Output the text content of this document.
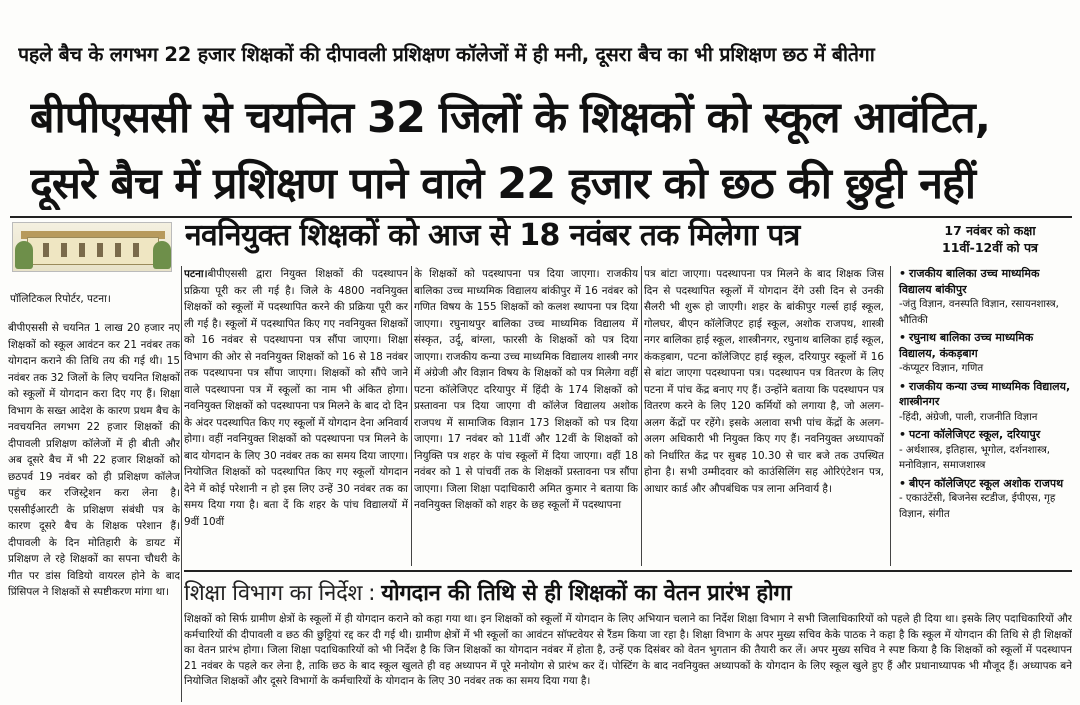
पहले बैच के लगभग 22 हजार शिक्षकों की दीपावली प्रशिक्षण कॉलेजों में ही मनी, दूसरा बैच का भी प्रशिक्षण छठ में बीतेगा
बीपीएससी से चयनित 32 जिलों के शिक्षकों को स्कूल आवंटित,
दूसरे बैच में प्रशिक्षण पाने वाले 22 हजार को छठ की छुट्टी नहीं
नवनियुक्त शिक्षकों को आज से 18 नवंबर तक मिलेगा पत्र	17 नवंबर को कक्षा
11वीं-12वीं को पत्र
पॉलिटिकल रिपोर्टर, पटना।

बीपीएससी से चयनित 1 लाख 20 हजार नए शिक्षकों को स्कूल आवंटन कर 21 नवंबर तक योगदान कराने की तिथि तय की गई थी। 15 नवंबर तक 32 जिलों के लिए चयनित शिक्षकों को स्कूलों में योगदान करा दिए गए हैं। शिक्षा विभाग के सख्त आदेश के कारण प्रथम बैच के नवचयनित लगभग 22 हजार शिक्षकों की दीपावली प्रशिक्षण कॉलेजों में ही बीती और अब दूसरे बैच में भी 22 हजार शिक्षकों को छठपर्व 19 नवंबर को ही प्रशिक्षण कॉलेज पहुंच कर रजिस्ट्रेशन करा लेना है। एससीईआरटी के प्रशिक्षण संबंधी पत्र के कारण दूसरे बैच के शिक्षक परेशान हैं। दीपावली के दिन मोतिहारी के डायट में प्रशिक्षण ले रहे शिक्षकों का सपना चौधरी के गीत पर डांस विडियो वायरल होने के बाद प्रिंसिपल ने शिक्षकों से स्पष्टीकरण मांगा था।

पटना।बीपीएससी द्वारा नियुक्त शिक्षकों की पदस्थापन प्रक्रिया पूरी कर ली गई है। जिले के 4800 नवनियुक्त शिक्षकों को स्कूलों में पदस्थापित करने की प्रक्रिया पूरी कर ली गई है। स्कूलों में पदस्थापित किए गए नवनियुक्त शिक्षकों को 16 नवंबर से पदस्थापना पत्र सौंपा जाएगा। शिक्षा विभाग की ओर से नवनियुक्त शिक्षकों को 16 से 18 नवंबर तक पदस्थापना पत्र सौंपा जाएगा। शिक्षकों को सौंपे जाने वाले पदस्थापना पत्र में स्कूलों का नाम भी अंकित होगा। नवनियुक्त शिक्षकों को पदस्थापना पत्र मिलने के बाद दो दिन के अंदर पदस्थापित किए गए स्कूलों में योगदान देना अनिवार्य होगा। वहीं नवनियुक्त शिक्षकों को पदस्थापना पत्र मिलने के बाद योगदान के लिए 30 नवंबर तक का समय दिया जाएगा। नियोजित शिक्षकों को पदस्थापित किए गए स्कूलों योगदान देने में कोई परेशानी न हो इस लिए उन्हें 30 नवंबर तक का समय दिया गया है। बता दें कि शहर के पांच विद्यालयों में 9वीं 10वीं

के शिक्षकों को पदस्थापना पत्र दिया जाएगा। राजकीय बालिका उच्च माध्यमिक विद्यालय बांकीपुर में 16 नवंबर को गणित विषय के 155 शिक्षकों को कलश स्थापना पत्र दिया जाएगा। रघुनाथपुर बालिका उच्च माध्यमिक विद्यालय में संस्कृत, उर्दू, बांग्ला, फारसी के शिक्षकों को पत्र दिया जाएगा। राजकीय कन्या उच्च माध्यमिक विद्यालय शास्त्री नगर में अंग्रेजी और विज्ञान विषय के शिक्षकों को पत्र मिलेगा वहीं पटना कॉलेजिएट दरियापुर में हिंदी के 174 शिक्षकों को प्रस्तावना पत्र दिया जाएगा वी कॉलेज विद्यालय अशोक राजपथ में सामाजिक विज्ञान 173 शिक्षकों को पत्र दिया जाएगा। 17 नवंबर को 11वीं और 12वीं के शिक्षकों को नियुक्ति पत्र शहर के पांच स्कूलों में दिया जाएगा। वहीं 18 नवंबर को 1 से पांचवीं तक के शिक्षकों प्रस्तावना पत्र सौंपा जाएगा। जिला शिक्षा पदाधिकारी अमित कुमार ने बताया कि नवनियुक्त शिक्षकों को शहर के छह स्कूलों में पदस्थापना

पत्र बांटा जाएगा। पदस्थापना पत्र मिलने के बाद शिक्षक जिस दिन से पदस्थापित स्कूलों में योगदान देंगे उसी दिन से उनकी सैलरी भी शुरू हो जाएगी। शहर के बांकीपुर गर्ल्स हाई स्कूल, गोलघर, बीएन कॉलेजिएट हाई स्कूल, अशोक राजपथ, शास्त्री नगर बालिका हाई स्कूल, शास्त्रीनगर, रघुनाथ बालिका हाई स्कूल, कंकड़बाग, पटना कॉलेजिएट हाई स्कूल, दरियापुर स्कूलों में 16 से बांटा जाएगा पदस्थापना पत्र। पदस्थापन पत्र वितरण के लिए पटना में पांच केंद्र बनाए गए हैं। उन्होंने बताया कि पदस्थापन पत्र वितरण करने के लिए 120 कर्मियों को लगाया है, जो अलग-अलग केंद्रों पर रहेंगे। इसके अलावा सभी पांच केंद्रों के अलग-अलग अधिकारी भी नियुक्त किए गए हैं। नवनियुक्त अध्यापकों को निर्धारित केंद्र पर सुबह 10.30 से चार बजे तक उपस्थित होना है। सभी उम्मीदवार को काउंसिलिंग सह ओरिएंटेशन पत्र, आधार कार्ड और औपबंधिक पत्र लाना अनिवार्य है।

• राजकीय बालिका उच्च माध्यमिक विद्यालय बांकीपुर
-जंतु विज्ञान, वनस्पति विज्ञान, रसायनशास्त्र, भौतिकी
• रघुनाथ बालिका उच्च माध्यमिक विद्यालय, कंकड़बाग
-कंप्यूटर विज्ञान, गणित
• राजकीय कन्या उच्च माध्यमिक विद्यालय, शास्त्रीनगर
-हिंदी, अंग्रेजी, पाली, राजनीति विज्ञान
• पटना कॉलेजिएट स्कूल, दरियापुर
- अर्थशास्त्र, इतिहास, भूगोल, दर्शनशास्त्र, मनोविज्ञान, समाजशास्त्र
• बीएन कॉलेजिएट स्कूल अशोक राजपथ
- एकाउंटेंसी, बिजनेस स्टडीज, ईपीएस, गृह विज्ञान, संगीत
शिक्षा विभाग का निर्देश : योगदान की तिथि से ही शिक्षकों का वेतन प्रारंभ होगा

शिक्षकों को सिर्फ ग्रामीण क्षेत्रों के स्कूलों में ही योगदान कराने को कहा गया था। इन शिक्षकों को स्कूलों में योगदान के लिए अभियान चलाने का निर्देश शिक्षा विभाग ने सभी जिलाधिकारियों को पहले ही दिया था। इसके लिए पदाधिकारियों और कर्मचारियों की दीपावली व छठ की छुट्टियां रद्द कर दी गई थी। ग्रामीण क्षेत्रों में भी स्कूलों का आवंटन सॉफ्टवेयर से रैंडम किया जा रहा है। शिक्षा विभाग के अपर मुख्य सचिव केके पाठक ने कहा है कि स्कूल में योगदान की तिथि से ही शिक्षकों का वेतन प्रारंभ होगा। जिला शिक्षा पदाधिकारियों को भी निर्देश है कि जिन शिक्षकों का योगदान नवंबर में होता है, उन्हें एक दिसंबर को वेतन भुगतान की तैयारी कर लें। अपर मुख्य सचिव ने स्पष्ट किया है कि शिक्षकों को स्कूलों में पदस्थापन 21 नवंबर के पहले कर लेना है, ताकि छठ के बाद स्कूल खुलते ही वह अध्यापन में पूरे मनोयोग से प्रारंभ कर दें। पोस्टिंग के बाद नवनियुक्त अध्यापकों के योगदान के लिए स्कूल खुले हुए हैं और प्रधानाध्यापक भी मौजूद हैं। अध्यापक बने नियोजित शिक्षकों और दूसरे विभागों के कर्मचारियों के योगदान के लिए 30 नवंबर तक का समय दिया गया है।
